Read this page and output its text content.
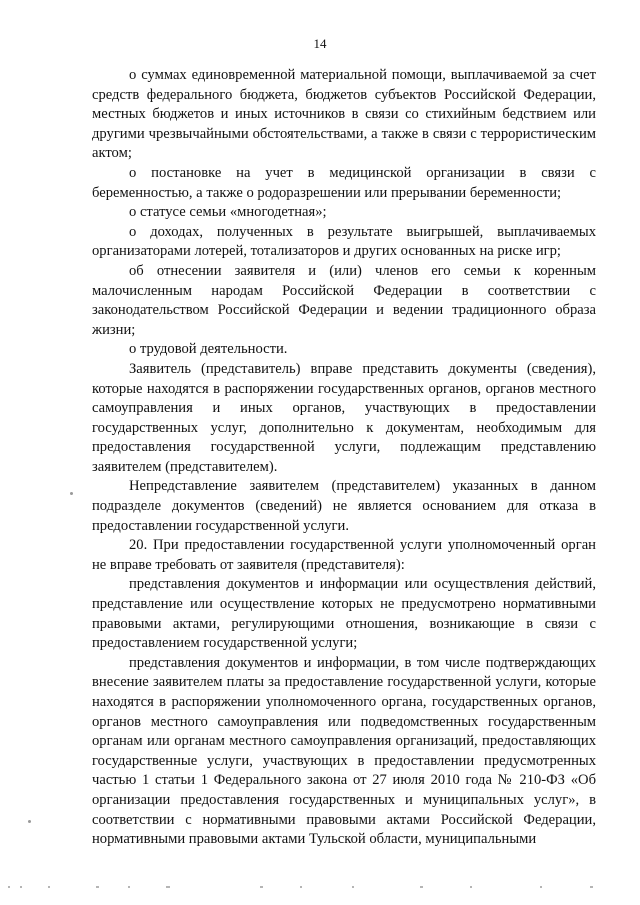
14

о суммах единовременной материальной помощи, выплачиваемой за счет средств федерального бюджета, бюджетов субъектов Российской Федерации, местных бюджетов и иных источников в связи со стихийным бедствием или другими чрезвычайными обстоятельствами, а также в связи с террористическим актом;

о постановке на учет в медицинской организации в связи с беременностью, а также о родоразрешении или прерывании беременности;

о статусе семьи «многодетная»;

о доходах, полученных в результате выигрышей, выплачиваемых организаторами лотерей, тотализаторов и других основанных на риске игр;

об отнесении заявителя и (или) членов его семьи к коренным малочисленным народам Российской Федерации в соответствии с законодательством Российской Федерации и ведении традиционного образа жизни;

о трудовой деятельности.

Заявитель (представитель) вправе представить документы (сведения), которые находятся в распоряжении государственных органов, органов местного самоуправления и иных органов, участвующих в предоставлении государственных услуг, дополнительно к документам, необходимым для предоставления государственной услуги, подлежащим представлению заявителем (представителем).

Непредставление заявителем (представителем) указанных в данном подразделе документов (сведений) не является основанием для отказа в предоставлении государственной услуги.

20. При предоставлении государственной услуги уполномоченный орган не вправе требовать от заявителя (представителя):

представления документов и информации или осуществления действий, представление или осуществление которых не предусмотрено нормативными правовыми актами, регулирующими отношения, возникающие в связи с предоставлением государственной услуги;

представления документов и информации, в том числе подтверждающих внесение заявителем платы за предоставление государственной услуги, которые находятся в распоряжении уполномоченного органа, государственных органов, органов местного самоуправления или подведомственных государственным органам или органам местного самоуправления организаций, предоставляющих государственные услуги, участвующих в предоставлении предусмотренных частью 1 статьи 1 Федерального закона от 27 июля 2010 года № 210-ФЗ «Об организации предоставления государственных и муниципальных услуг», в соответствии с нормативными правовыми актами Российской Федерации, нормативными правовыми актами Тульской области, муниципальными
